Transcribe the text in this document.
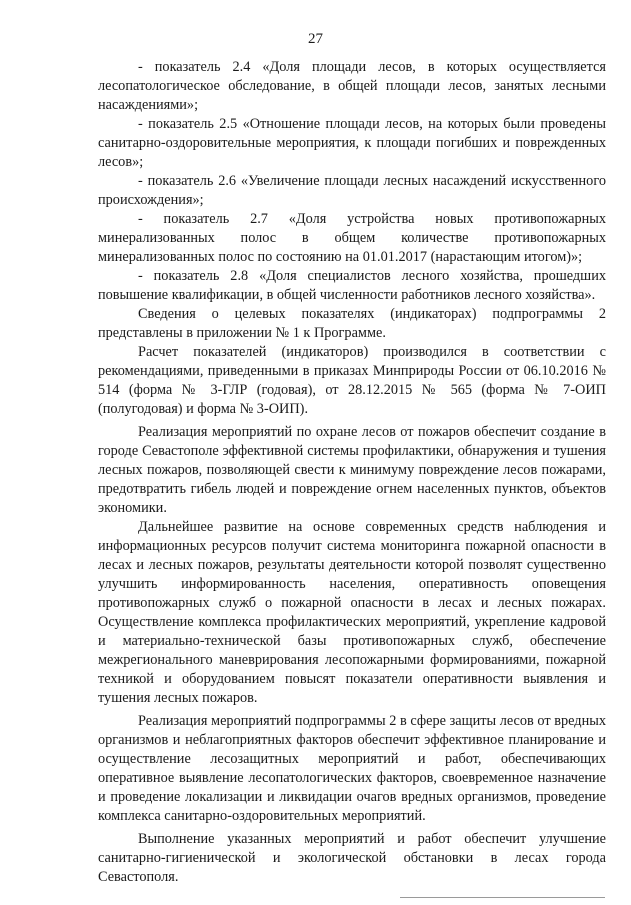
27

- показатель 2.4 «Доля площади лесов, в которых осуществляется лесопатологическое обследование, в общей площади лесов, занятых лесными насаждениями»;

- показатель 2.5 «Отношение площади лесов, на которых были проведены санитарно-оздоровительные мероприятия, к площади погибших и поврежденных лесов»;

- показатель 2.6 «Увеличение площади лесных насаждений искусственного происхождения»;

- показатель 2.7 «Доля устройства новых противопожарных минерализованных полос в общем количестве противопожарных минерализованных полос по состоянию на 01.01.2017 (нарастающим итогом)»;

- показатель 2.8 «Доля специалистов лесного хозяйства, прошедших повышение квалификации, в общей численности работников лесного хозяйства».

Сведения о целевых показателях (индикаторах) подпрограммы 2 представлены в приложении № 1 к Программе.

Расчет показателей (индикаторов) производился в соответствии с рекомендациями, приведенными в приказах Минприроды России от 06.10.2016 № 514 (форма № 3-ГЛР (годовая), от 28.12.2015 № 565 (форма № 7-ОИП (полугодовая) и форма № 3-ОИП).

Реализация мероприятий по охране лесов от пожаров обеспечит создание в городе Севастополе эффективной системы профилактики, обнаружения и тушения лесных пожаров, позволяющей свести к минимуму повреждение лесов пожарами, предотвратить гибель людей и повреждение огнем населенных пунктов, объектов экономики.

Дальнейшее развитие на основе современных средств наблюдения и информационных ресурсов получит система мониторинга пожарной опасности в лесах и лесных пожаров, результаты деятельности которой позволят существенно улучшить информированность населения, оперативность оповещения противопожарных служб о пожарной опасности в лесах и лесных пожарах. Осуществление комплекса профилактических мероприятий, укрепление кадровой и материально-технической базы противопожарных служб, обеспечение межрегионального маневрирования лесопожарными формированиями, пожарной техникой и оборудованием повысят показатели оперативности выявления и тушения лесных пожаров.

Реализация мероприятий подпрограммы 2 в сфере защиты лесов от вредных организмов и неблагоприятных факторов обеспечит эффективное планирование и осуществление лесозащитных мероприятий и работ, обеспечивающих оперативное выявление лесопатологических факторов, своевременное назначение и проведение локализации и ликвидации очагов вредных организмов, проведение комплекса санитарно-оздоровительных мероприятий.

Выполнение указанных мероприятий и работ обеспечит улучшение санитарно-гигиенической и экологической обстановки в лесах города Севастополя.
